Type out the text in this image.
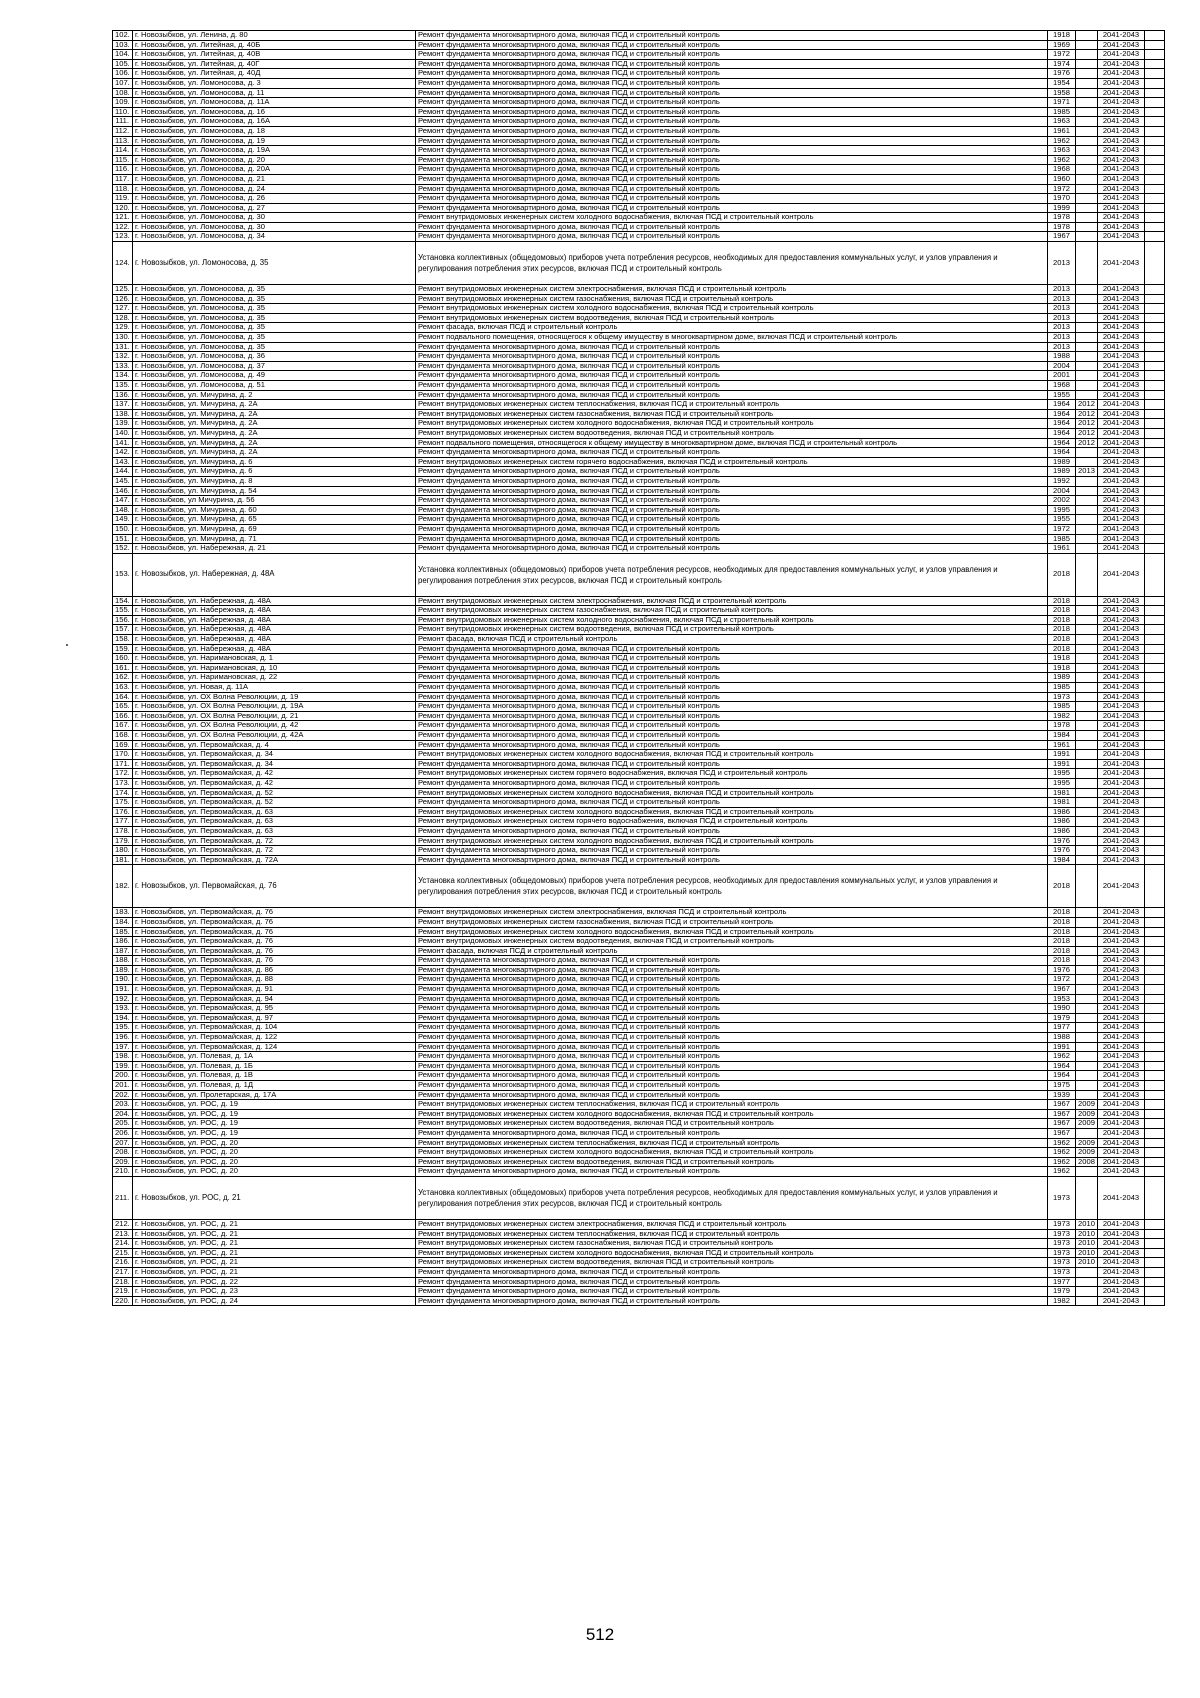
102.	г. Новозыбков, ул. Ленина, д. 80	Ремонт фундамента многоквартирного дома, включая ПСД и строительный контроль	1918		2041-2043	
103.	г. Новозыбков, ул. Литейная, д. 40Б	Ремонт фундамента многоквартирного дома, включая ПСД и строительный контроль	1969		2041-2043	
104.	г. Новозыбков, ул. Литейная, д. 40В	Ремонт фундамента многоквартирного дома, включая ПСД и строительный контроль	1972		2041-2043	
105.	г. Новозыбков, ул. Литейная, д. 40Г	Ремонт фундамента многоквартирного дома, включая ПСД и строительный контроль	1974		2041-2043	
106.	г. Новозыбков, ул. Литейная, д. 40Д	Ремонт фундамента многоквартирного дома, включая ПСД и строительный контроль	1976		2041-2043	
107.	г. Новозыбков, ул. Ломоносова, д. 3	Ремонт фундамента многоквартирного дома, включая ПСД и строительный контроль	1954		2041-2043	
108.	г. Новозыбков, ул. Ломоносова, д. 11	Ремонт фундамента многоквартирного дома, включая ПСД и строительный контроль	1958		2041-2043	
109.	г. Новозыбков, ул. Ломоносова, д. 11А	Ремонт фундамента многоквартирного дома, включая ПСД и строительный контроль	1971		2041-2043	
110.	г. Новозыбков, ул. Ломоносова, д. 16	Ремонт фундамента многоквартирного дома, включая ПСД и строительный контроль	1985		2041-2043	
111.	г. Новозыбков, ул. Ломоносова, д. 16А	Ремонт фундамента многоквартирного дома, включая ПСД и строительный контроль	1963		2041-2043	
112.	г. Новозыбков, ул. Ломоносова, д. 18	Ремонт фундамента многоквартирного дома, включая ПСД и строительный контроль	1961		2041-2043	
113.	г. Новозыбков, ул. Ломоносова, д. 19	Ремонт фундамента многоквартирного дома, включая ПСД и строительный контроль	1962		2041-2043	
114.	г. Новозыбков, ул. Ломоносова, д. 19А	Ремонт фундамента многоквартирного дома, включая ПСД и строительный контроль	1963		2041-2043	
115.	г. Новозыбков, ул. Ломоносова, д. 20	Ремонт фундамента многоквартирного дома, включая ПСД и строительный контроль	1962		2041-2043	
116.	г. Новозыбков, ул. Ломоносова, д. 20А	Ремонт фундамента многоквартирного дома, включая ПСД и строительный контроль	1968		2041-2043	
117.	г. Новозыбков, ул. Ломоносова, д. 21	Ремонт фундамента многоквартирного дома, включая ПСД и строительный контроль	1960		2041-2043	
118.	г. Новозыбков, ул. Ломоносова, д. 24	Ремонт фундамента многоквартирного дома, включая ПСД и строительный контроль	1972		2041-2043	
119.	г. Новозыбков, ул. Ломоносова, д. 26	Ремонт фундамента многоквартирного дома, включая ПСД и строительный контроль	1970		2041-2043	
120.	г. Новозыбков, ул. Ломоносова, д. 27	Ремонт фундамента многоквартирного дома, включая ПСД и строительный контроль	1999		2041-2043	
121.	г. Новозыбков, ул. Ломоносова, д. 30	Ремонт внутридомовых инженерных систем холодного водоснабжения, включая ПСД и строительный контроль	1978		2041-2043	
122.	г. Новозыбков, ул. Ломоносова, д. 30	Ремонт фундамента многоквартирного дома, включая ПСД и строительный контроль	1978		2041-2043	
123.	г. Новозыбков, ул. Ломоносова, д. 34	Ремонт фундамента многоквартирного дома, включая ПСД и строительный контроль	1967		2041-2043	
124.	г. Новозыбков, ул. Ломоносова, д. 35	Установка коллективных (общедомовых) приборов учета потребления ресурсов, необходимых для предоставления коммунальных услуг, и узлов управления и регулирования потребления этих ресурсов, включая ПСД и строительный контроль	2013		2041-2043	
125.	г. Новозыбков, ул. Ломоносова, д. 35	Ремонт внутридомовых инженерных систем электроснабжения, включая ПСД и строительный контроль	2013		2041-2043	
126.	г. Новозыбков, ул. Ломоносова, д. 35	Ремонт внутридомовых инженерных систем газоснабжения, включая ПСД и строительный контроль	2013		2041-2043	
127.	г. Новозыбков, ул. Ломоносова, д. 35	Ремонт внутридомовых инженерных систем холодного водоснабжения, включая ПСД и строительный контроль	2013		2041-2043	
128.	г. Новозыбков, ул. Ломоносова, д. 35	Ремонт внутридомовых инженерных систем водоотведения, включая ПСД и строительный контроль	2013		2041-2043	
129.	г. Новозыбков, ул. Ломоносова, д. 35	Ремонт фасада, включая ПСД и строительный контроль	2013		2041-2043	
130.	г. Новозыбков, ул. Ломоносова, д. 35	Ремонт подвального помещения, относящегося к общему имуществу в многоквартирном доме, включая ПСД и строительный контроль	2013		2041-2043	
131.	г. Новозыбков, ул. Ломоносова, д. 35	Ремонт фундамента многоквартирного дома, включая ПСД и строительный контроль	2013		2041-2043	
132.	г. Новозыбков, ул. Ломоносова, д. 36	Ремонт фундамента многоквартирного дома, включая ПСД и строительный контроль	1988		2041-2043	
133.	г. Новозыбков, ул. Ломоносова, д. 37	Ремонт фундамента многоквартирного дома, включая ПСД и строительный контроль	2004		2041-2043	
134.	г. Новозыбков, ул. Ломоносова, д. 49	Ремонт фундамента многоквартирного дома, включая ПСД и строительный контроль	2001		2041-2043	
135.	г. Новозыбков, ул. Ломоносова, д. 51	Ремонт фундамента многоквартирного дома, включая ПСД и строительный контроль	1968		2041-2043	
136.	г. Новозыбков, ул. Мичурина, д. 2	Ремонт фундамента многоквартирного дома, включая ПСД и строительный контроль	1955		2041-2043	
137.	г. Новозыбков, ул. Мичурина, д. 2А	Ремонт внутридомовых инженерных систем теплоснабжения, включая ПСД и строительный контроль	1964	2012	2041-2043	
138.	г. Новозыбков, ул. Мичурина, д. 2А	Ремонт внутридомовых инженерных систем газоснабжения, включая ПСД и строительный контроль	1964	2012	2041-2043	
139.	г. Новозыбков, ул. Мичурина, д. 2А	Ремонт внутридомовых инженерных систем холодного водоснабжения, включая ПСД и строительный контроль	1964	2012	2041-2043	
140.	г. Новозыбков, ул. Мичурина, д. 2А	Ремонт внутридомовых инженерных систем водоотведения, включая ПСД и строительный контроль	1964	2012	2041-2043	
141.	г. Новозыбков, ул. Мичурина, д. 2А	Ремонт подвального помещения, относящегося к общему имуществу в многоквартирном доме, включая ПСД и строительный контроль	1964	2012	2041-2043	
142.	г. Новозыбков, ул. Мичурина, д. 2А	Ремонт фундамента многоквартирного дома, включая ПСД и строительный контроль	1964		2041-2043	
143.	г. Новозыбков, ул. Мичурина, д. 6	Ремонт внутридомовых инженерных систем горячего водоснабжения, включая ПСД и строительный контроль	1989		2041-2043	
144.	г. Новозыбков, ул. Мичурина, д. 6	Ремонт фундамента многоквартирного дома, включая ПСД и строительный контроль	1989	2013	2041-2043	
145.	г. Новозыбков, ул. Мичурина, д. 8	Ремонт фундамента многоквартирного дома, включая ПСД и строительный контроль	1992		2041-2043	
146.	г. Новозыбков, ул. Мичурина, д. 54	Ремонт фундамента многоквартирного дома, включая ПСД и строительный контроль	2004		2041-2043	
147.	г. Новозыбков, ул Мичурина, д. 56	Ремонт фундамента многоквартирного дома, включая ПСД и строительный контроль	2002		2041-2043	
148.	г. Новозыбков, ул. Мичурина, д. 60	Ремонт фундамента многоквартирного дома, включая ПСД и строительный контроль	1995		2041-2043	
149.	г. Новозыбков, ул. Мичурина, д. 65	Ремонт фундамента многоквартирного дома, включая ПСД и строительный контроль	1955		2041-2043	
150.	г. Новозыбков, ул. Мичурина, д. 69	Ремонт фундамента многоквартирного дома, включая ПСД и строительный контроль	1972		2041-2043	
151.	г. Новозыбков, ул. Мичурина, д. 71	Ремонт фундамента многоквартирного дома, включая ПСД и строительный контроль	1985		2041-2043	
152.	г. Новозыбков, ул. Набережная, д. 21	Ремонт фундамента многоквартирного дома, включая ПСД и строительный контроль	1961		2041-2043	
153.	г. Новозыбков, ул. Набережная, д. 48А	Установка коллективных (общедомовых) приборов учета потребления ресурсов, необходимых для предоставления коммунальных услуг, и узлов управления и регулирования потребления этих ресурсов, включая ПСД и строительный контроль	2018		2041-2043	
154.	г. Новозыбков, ул. Набережная, д. 48А	Ремонт внутридомовых инженерных систем электроснабжения, включая ПСД и строительный контроль	2018		2041-2043	
155.	г. Новозыбков, ул. Набережная, д. 48А	Ремонт внутридомовых инженерных систем газоснабжения, включая ПСД и строительный контроль	2018		2041-2043	
156.	г. Новозыбков, ул. Набережная, д. 48А	Ремонт внутридомовых инженерных систем холодного водоснабжения, включая ПСД и строительный контроль	2018		2041-2043	
157.	г. Новозыбков, ул. Набережная, д. 48А	Ремонт внутридомовых инженерных систем водоотведения, включая ПСД и строительный контроль	2018		2041-2043	
158.	г. Новозыбков, ул. Набережная, д. 48А	Ремонт фасада, включая ПСД и строительный контроль	2018		2041-2043	
159.	г. Новозыбков, ул. Набережная, д. 48А	Ремонт фундамента многоквартирного дома, включая ПСД и строительный контроль	2018		2041-2043	
160.	г. Новозыбков, ул. Наримановская, д. 1	Ремонт фундамента многоквартирного дома, включая ПСД и строительный контроль	1918		2041-2043	
161.	г. Новозыбков, ул. Наримановская, д. 10	Ремонт фундамента многоквартирного дома, включая ПСД и строительный контроль	1918		2041-2043	
162.	г. Новозыбков, ул. Наримановская, д. 22	Ремонт фундамента многоквартирного дома, включая ПСД и строительный контроль	1989		2041-2043	
163.	г. Новозыбков, ул. Новая, д. 11А	Ремонт фундамента многоквартирного дома, включая ПСД и строительный контроль	1985		2041-2043	
164.	г. Новозыбков, ул. ОХ Волна Революции, д. 19	Ремонт фундамента многоквартирного дома, включая ПСД и строительный контроль	1973		2041-2043	
165.	г. Новозыбков, ул. ОХ Волна Революции, д. 19А	Ремонт фундамента многоквартирного дома, включая ПСД и строительный контроль	1985		2041-2043	
166.	г. Новозыбков, ул. ОХ Волна Революции, д. 21	Ремонт фундамента многоквартирного дома, включая ПСД и строительный контроль	1982		2041-2043	
167.	г. Новозыбков, ул. ОХ Волна Революции, д. 42	Ремонт фундамента многоквартирного дома, включая ПСД и строительный контроль	1978		2041-2043	
168.	г. Новозыбков, ул. ОХ Волна Революции, д. 42А	Ремонт фундамента многоквартирного дома, включая ПСД и строительный контроль	1984		2041-2043	
169.	г. Новозыбков, ул. Первомайская, д. 4	Ремонт фундамента многоквартирного дома, включая ПСД и строительный контроль	1961		2041-2043	
170.	г. Новозыбков, ул. Первомайская, д. 34	Ремонт внутридомовых инженерных систем холодного водоснабжения, включая ПСД и строительный контроль	1991		2041-2043	
171.	г. Новозыбков, ул. Первомайская, д. 34	Ремонт фундамента многоквартирного дома, включая ПСД и строительный контроль	1991		2041-2043	
172.	г. Новозыбков, ул. Первомайская, д. 42	Ремонт внутридомовых инженерных систем горячего водоснабжения, включая ПСД и строительный контроль	1995		2041-2043	
173.	г. Новозыбков, ул. Первомайская, д. 42	Ремонт фундамента многоквартирного дома, включая ПСД и строительный контроль	1995		2041-2043	
174.	г. Новозыбков, ул. Первомайская, д. 52	Ремонт внутридомовых инженерных систем холодного водоснабжения, включая ПСД и строительный контроль	1981		2041-2043	
175.	г. Новозыбков, ул. Первомайская, д. 52	Ремонт фундамента многоквартирного дома, включая ПСД и строительный контроль	1981		2041-2043	
176.	г. Новозыбков, ул. Первомайская, д. 63	Ремонт внутридомовых инженерных систем холодного водоснабжения, включая ПСД и строительный контроль	1986		2041-2043	
177.	г. Новозыбков, ул. Первомайская, д. 63	Ремонт внутридомовых инженерных систем горячего водоснабжения, включая ПСД и строительный контроль	1986		2041-2043	
178.	г. Новозыбков, ул. Первомайская, д. 63	Ремонт фундамента многоквартирного дома, включая ПСД и строительный контроль	1986		2041-2043	
179.	г. Новозыбков, ул. Первомайская, д. 72	Ремонт внутридомовых инженерных систем холодного водоснабжения, включая ПСД и строительный контроль	1976		2041-2043	
180.	г. Новозыбков, ул. Первомайская, д. 72	Ремонт фундамента многоквартирного дома, включая ПСД и строительный контроль	1976		2041-2043	
181.	г. Новозыбков, ул. Первомайская, д. 72А	Ремонт фундамента многоквартирного дома, включая ПСД и строительный контроль	1984		2041-2043	
182.	г. Новозыбков, ул. Первомайская, д. 76	Установка коллективных (общедомовых) приборов учета потребления ресурсов, необходимых для предоставления коммунальных услуг, и узлов управления и регулирования потребления этих ресурсов, включая ПСД и строительный контроль	2018		2041-2043	
183.	г. Новозыбков, ул. Первомайская, д. 76	Ремонт внутридомовых инженерных систем электроснабжения, включая ПСД и строительный контроль	2018		2041-2043	
184.	г. Новозыбков, ул. Первомайская, д. 76	Ремонт внутридомовых инженерных систем газоснабжения, включая ПСД и строительный контроль	2018		2041-2043	
185.	г. Новозыбков, ул. Первомайская, д. 76	Ремонт внутридомовых инженерных систем холодного водоснабжения, включая ПСД и строительный контроль	2018		2041-2043	
186.	г. Новозыбков, ул. Первомайская, д. 76	Ремонт внутридомовых инженерных систем водоотведения, включая ПСД и строительный контроль	2018		2041-2043	
187.	г. Новозыбков, ул. Первомайская, д. 76	Ремонт фасада, включая ПСД и строительный контроль	2018		2041-2043	
188.	г. Новозыбков, ул. Первомайская, д. 76	Ремонт фундамента многоквартирного дома, включая ПСД и строительный контроль	2018		2041-2043	
189.	г. Новозыбков, ул. Первомайская, д. 86	Ремонт фундамента многоквартирного дома, включая ПСД и строительный контроль	1976		2041-2043	
190.	г. Новозыбков, ул. Первомайская, д. 88	Ремонт фундамента многоквартирного дома, включая ПСД и строительный контроль	1972		2041-2043	
191.	г. Новозыбков, ул. Первомайская, д. 91	Ремонт фундамента многоквартирного дома, включая ПСД и строительный контроль	1967		2041-2043	
192.	г. Новозыбков, ул. Первомайская, д. 94	Ремонт фундамента многоквартирного дома, включая ПСД и строительный контроль	1953		2041-2043	
193.	г. Новозыбков, ул. Первомайская, д. 95	Ремонт фундамента многоквартирного дома, включая ПСД и строительный контроль	1990		2041-2043	
194.	г. Новозыбков, ул. Первомайская, д. 97	Ремонт фундамента многоквартирного дома, включая ПСД и строительный контроль	1979		2041-2043	
195.	г. Новозыбков, ул. Первомайская, д. 104	Ремонт фундамента многоквартирного дома, включая ПСД и строительный контроль	1977		2041-2043	
196.	г. Новозыбков, ул. Первомайская, д. 122	Ремонт фундамента многоквартирного дома, включая ПСД и строительный контроль	1988		2041-2043	
197.	г. Новозыбков, ул. Первомайская, д. 124	Ремонт фундамента многоквартирного дома, включая ПСД и строительный контроль	1991		2041-2043	
198.	г. Новозыбков, ул. Полевая, д. 1А	Ремонт фундамента многоквартирного дома, включая ПСД и строительный контроль	1962		2041-2043	
199.	г. Новозыбков, ул. Полевая, д. 1Б	Ремонт фундамента многоквартирного дома, включая ПСД и строительный контроль	1964		2041-2043	
200.	г. Новозыбков, ул. Полевая, д. 1В	Ремонт фундамента многоквартирного дома, включая ПСД и строительный контроль	1964		2041-2043	
201.	г. Новозыбков, ул. Полевая, д. 1Д	Ремонт фундамента многоквартирного дома, включая ПСД и строительный контроль	1975		2041-2043	
202.	г. Новозыбков, ул. Пролетарская, д. 17А	Ремонт фундамента многоквартирного дома, включая ПСД и строительный контроль	1939		2041-2043	
203.	г. Новозыбков, ул. РОС, д. 19	Ремонт внутридомовых инженерных систем теплоснабжения, включая ПСД и строительный контроль	1967	2009	2041-2043	
204.	г. Новозыбков, ул. РОС, д. 19	Ремонт внутридомовых инженерных систем холодного водоснабжения, включая ПСД и строительный контроль	1967	2009	2041-2043	
205.	г. Новозыбков, ул. РОС, д. 19	Ремонт внутридомовых инженерных систем водоотведения, включая ПСД и строительный контроль	1967	2009	2041-2043	
206.	г. Новозыбков, ул. РОС, д. 19	Ремонт фундамента многоквартирного дома, включая ПСД и строительный контроль	1967		2041-2043	
207.	г. Новозыбков, ул. РОС, д. 20	Ремонт внутридомовых инженерных систем теплоснабжения, включая ПСД и строительный контроль	1962	2009	2041-2043	
208.	г. Новозыбков, ул. РОС, д. 20	Ремонт внутридомовых инженерных систем холодного водоснабжения, включая ПСД и строительный контроль	1962	2009	2041-2043	
209.	г. Новозыбков, ул. РОС, д. 20	Ремонт внутридомовых инженерных систем водоотведения, включая ПСД и строительный контроль	1962	2008	2041-2043	
210.	г. Новозыбков, ул. РОС, д. 20	Ремонт фундамента многоквартирного дома, включая ПСД и строительный контроль	1962		2041-2043	
211.	г. Новозыбков, ул. РОС, д. 21	Установка коллективных (общедомовых) приборов учета потребления ресурсов, необходимых для предоставления коммунальных услуг, и узлов управления и регулирования потребления этих ресурсов, включая ПСД и строительный контроль	1973		2041-2043	
212.	г. Новозыбков, ул. РОС, д. 21	Ремонт внутридомовых инженерных систем электроснабжения, включая ПСД и строительный контроль	1973	2010	2041-2043	
213.	г. Новозыбков, ул. РОС, д. 21	Ремонт внутридомовых инженерных систем теплоснабжения, включая ПСД и строительный контроль	1973	2010	2041-2043	
214.	г. Новозыбков, ул. РОС, д. 21	Ремонт внутридомовых инженерных систем газоснабжения, включая ПСД и строительный контроль	1973	2010	2041-2043	
215.	г. Новозыбков, ул. РОС, д. 21	Ремонт внутридомовых инженерных систем холодного водоснабжения, включая ПСД и строительный контроль	1973	2010	2041-2043	
216.	г. Новозыбков, ул. РОС, д. 21	Ремонт внутридомовых инженерных систем водоотведения, включая ПСД и строительный контроль	1973	2010	2041-2043	
217.	г. Новозыбков, ул. РОС, д. 21	Ремонт фундамента многоквартирного дома, включая ПСД и строительный контроль	1973		2041-2043	
218.	г. Новозыбков, ул. РОС, д. 22	Ремонт фундамента многоквартирного дома, включая ПСД и строительный контроль	1977		2041-2043	
219.	г. Новозыбков, ул. РОС, д. 23	Ремонт фундамента многоквартирного дома, включая ПСД и строительный контроль	1979		2041-2043	
220.	г. Новозыбков, ул. РОС, д. 24	Ремонт фундамента многоквартирного дома, включая ПСД и строительный контроль	1982		2041-2043	
512
